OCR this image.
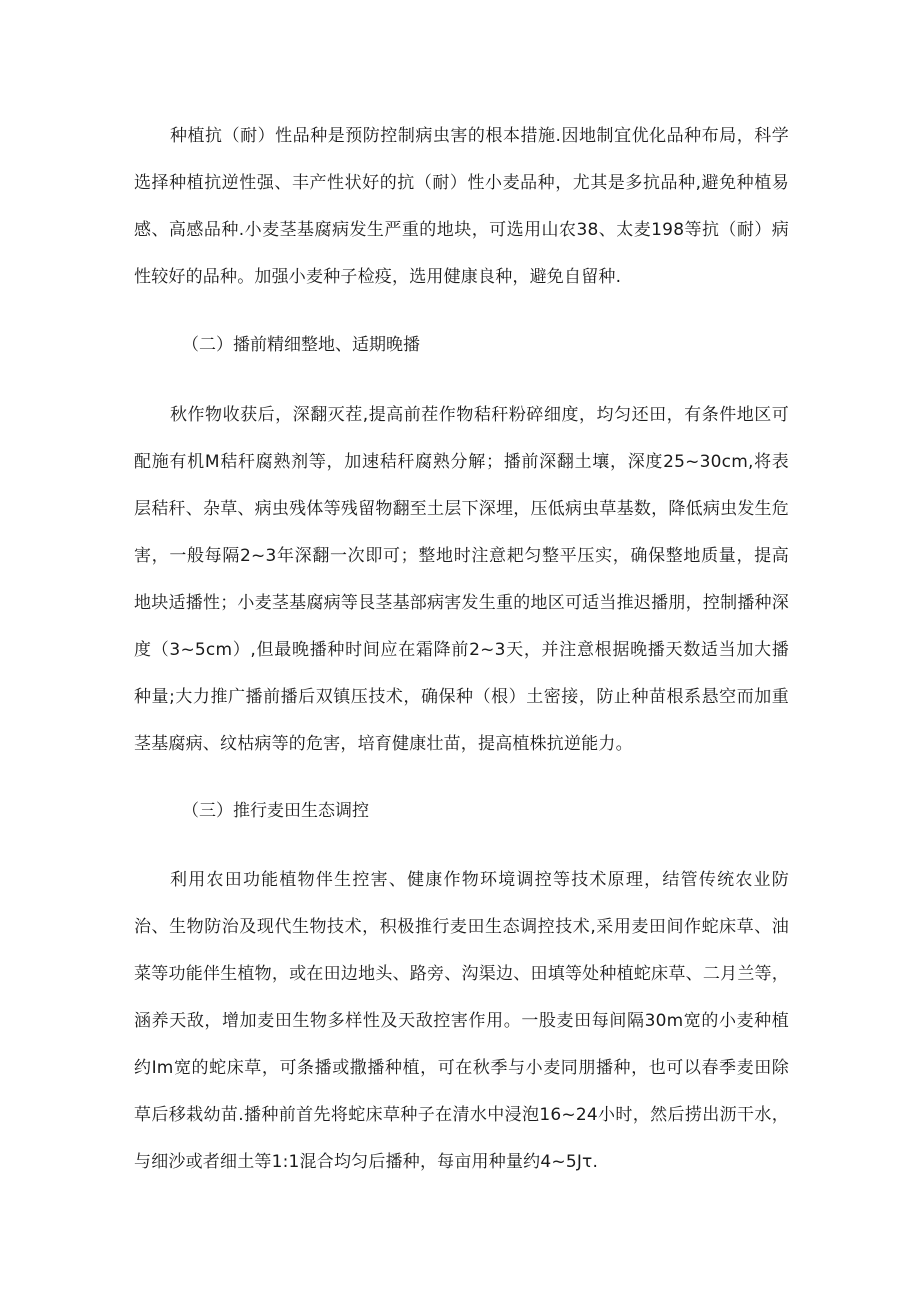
种植抗（耐）性品种是预防控制病虫害的根本措施.因地制宜优化品种布局，科学选择种植抗逆性强、丰产性状好的抗（耐）性小麦品种，尤其是多抗品种,避免种植易感、高感品种.小麦茎基腐病发生严重的地块，可选用山农38、太麦198等抗（耐）病性较好的品种。加强小麦种子检疫，选用健康良种，避免自留种.

（二）播前精细整地、适期晚播

秋作物收获后，深翻灭茬,提高前茬作物秸秆粉碎细度，均匀还田，有条件地区可配施有机M秸秆腐熟剂等，加速秸秆腐熟分解；播前深翻土壤，深度25~30cm,将表层秸秆、杂草、病虫残体等残留物翻至土层下深埋，压低病虫草基数，降低病虫发生危害，一般每隔2~3年深翻一次即可；整地时注意耙匀整平压实，确保整地质量，提高地块适播性；小麦茎基腐病等艮茎基部病害发生重的地区可适当推迟播朋，控制播种深度（3~5cm）,但最晚播种时间应在霜降前2~3天，并注意根据晚播天数适当加大播种量;大力推广播前播后双镇压技术，确保种（根）土密接，防止种苗根系悬空而加重茎基腐病、纹枯病等的危害，培育健康壮苗，提高植株抗逆能力。

（三）推行麦田生态调控

利用农田功能植物伴生控害、健康作物环境调控等技术原理，结管传统农业防治、生物防治及现代生物技术，积极推行麦田生态调控技术,采用麦田间作蛇床草、油菜等功能伴生植物，或在田边地头、路旁、沟渠边、田填等处种植蛇床草、二月兰等，涵养天敌，增加麦田生物多样性及天敌控害作用。一股麦田每间隔30m宽的小麦种植约Im宽的蛇床草，可条播或撒播种植，可在秋季与小麦同朋播种，也可以春季麦田除草后移栽幼苗.播种前首先将蛇床草种子在清水中浸泡16~24小时，然后捞出沥干水，与细沙或者细土等1:1混合均匀后播种，每亩用种量约4~5Jτ.
